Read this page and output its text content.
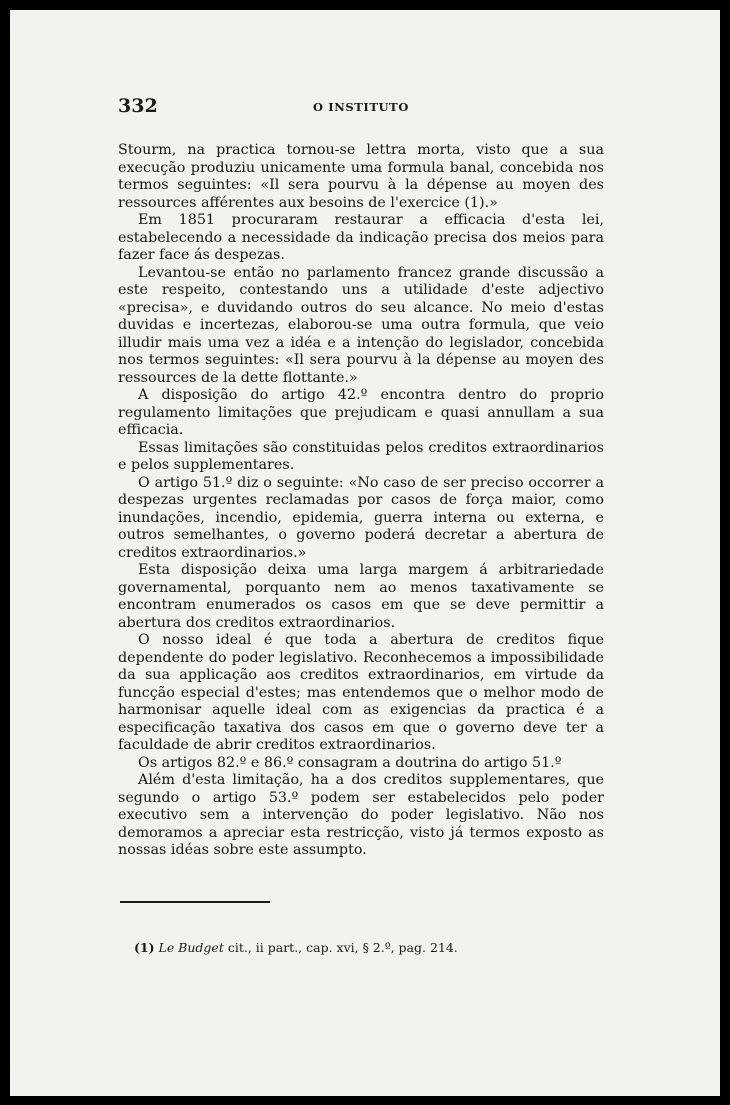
332	O INSTITUTO

Stourm, na practica tornou-se lettra morta, visto que a sua execução produziu unicamente uma formula banal, concebida nos termos seguintes: «Il sera pourvu à la dépense au moyen des ressources afférentes aux besoins de l'exercice (1).»

Em 1851 procuraram restaurar a efficacia d'esta lei, estabelecendo a necessidade da indicação precisa dos meios para fazer face ás despezas.

Levantou-se então no parlamento francez grande discussão a este respeito, contestando uns a utilidade d'este adjectivo «precisa», e duvidando outros do seu alcance. No meio d'estas duvidas e incertezas, elaborou-se uma outra formula, que veio illudir mais uma vez a idéa e a intenção do legislador, concebida nos termos seguintes: «Il sera pourvu à la dépense au moyen des ressources de la dette flottante.»

A disposição do artigo 42.º encontra dentro do proprio regulamento limitações que prejudicam e quasi annullam a sua efficacia.

Essas limitações são constituidas pelos creditos extraordinarios e pelos supplementares.

O artigo 51.º diz o seguinte: «No caso de ser preciso occorrer a despezas urgentes reclamadas por casos de força maior, como inundações, incendio, epidemia, guerra interna ou externa, e outros semelhantes, o governo poderá decretar a abertura de creditos extraordinarios.»

Esta disposição deixa uma larga margem á arbitrariedade governamental, porquanto nem ao menos taxativamente se encontram enumerados os casos em que se deve permittir a abertura dos creditos extraordinarios.

O nosso ideal é que toda a abertura de creditos fique dependente do poder legislativo. Reconhecemos a impossibilidade da sua applicação aos creditos extraordinarios, em virtude da funcção especial d'estes; mas entendemos que o melhor modo de harmonisar aquelle ideal com as exigencias da practica é a especificação taxativa dos casos em que o governo deve ter a faculdade de abrir creditos extraordinarios.

Os artigos 82.º e 86.º consagram a doutrina do artigo 51.º

Além d'esta limitação, ha a dos creditos supplementares, que segundo o artigo 53.º podem ser estabelecidos pelo poder executivo sem a intervenção do poder legislativo. Não nos demoramos a apreciar esta restricção, visto já termos exposto as nossas idéas sobre este assumpto.

(1) Le Budget cit., ii part., cap. xvi, § 2.º, pag. 214.
